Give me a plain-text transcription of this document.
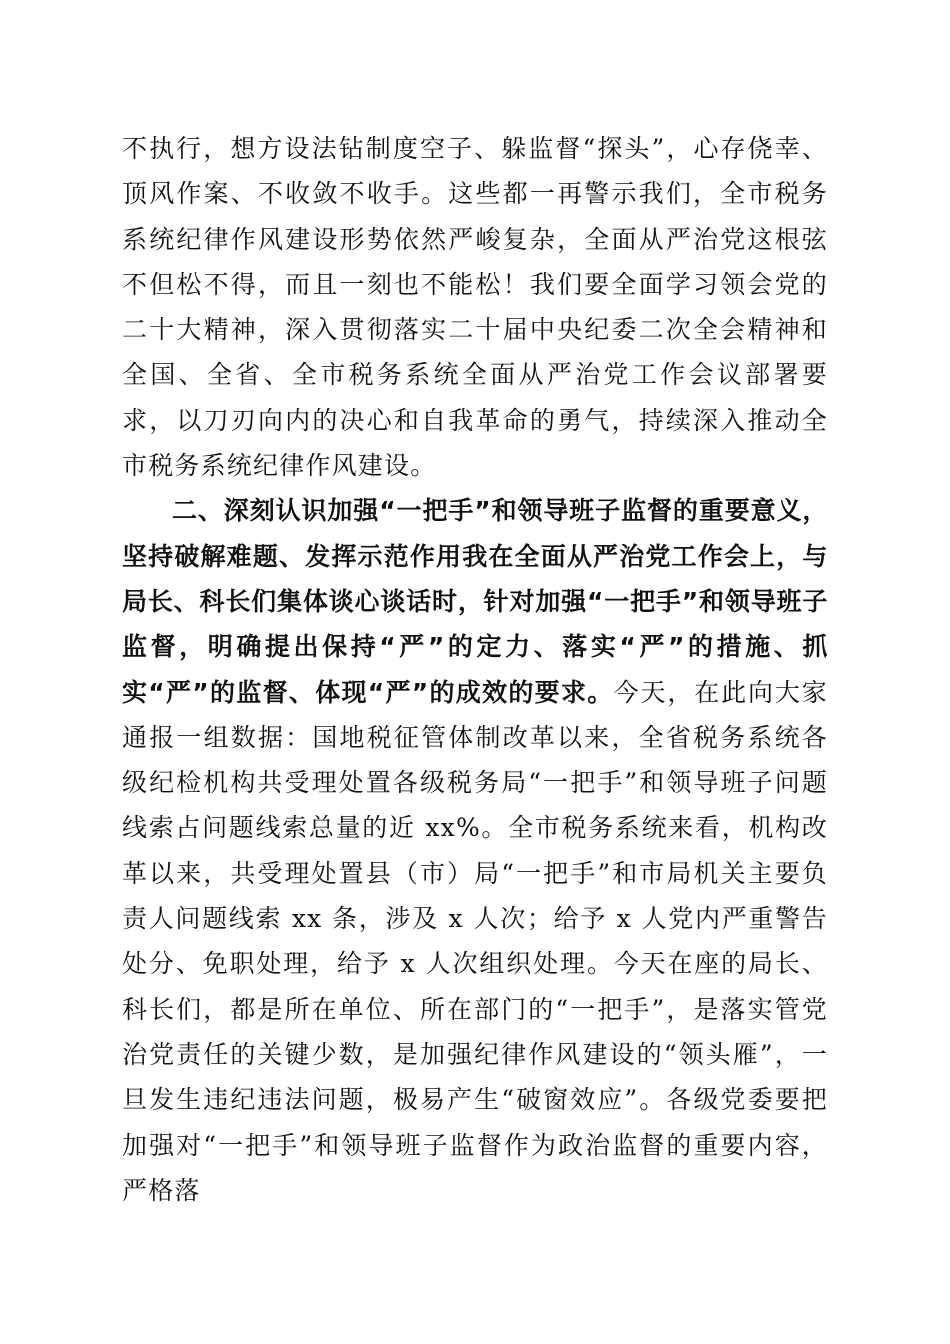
不执行，想方设法钻制度空子、躲监督“探头”，心存侥幸、顶风作案、不收敛不收手。这些都一再警示我们，全市税务系统纪律作风建设形势依然严峻复杂，全面从严治党这根弦不但松不得，而且一刻也不能松！我们要全面学习领会党的二十大精神，深入贯彻落实二十届中央纪委二次全会精神和全国、全省、全市税务系统全面从严治党工作会议部署要求，以刀刃向内的决心和自我革命的勇气，持续深入推动全市税务系统纪律作风建设。

二、深刻认识加强“一把手”和领导班子监督的重要意义，坚持破解难题、发挥示范作用我在全面从严治党工作会上，与局长、科长们集体谈心谈话时，针对加强“一把手”和领导班子监督，明确提出保持“严”的定力、落实“严”的措施、抓实“严”的监督、体现“严”的成效的要求。今天，在此向大家通报一组数据：国地税征管体制改革以来，全省税务系统各级纪检机构共受理处置各级税务局“一把手”和领导班子问题线索占问题线索总量的近 xx%。全市税务系统来看，机构改革以来，共受理处置县（市）局“一把手”和市局机关主要负责人问题线索 xx 条，涉及 x 人次；给予 x 人党内严重警告处分、免职处理，给予 x 人次组织处理。今天在座的局长、科长们，都是所在单位、所在部门的“一把手”，是落实管党治党责任的关键少数，是加强纪律作风建设的“领头雁”，一旦发生违纪违法问题，极易产生“破窗效应”。各级党委要把加强对“一把手”和领导班子监督作为政治监督的重要内容，严格落
